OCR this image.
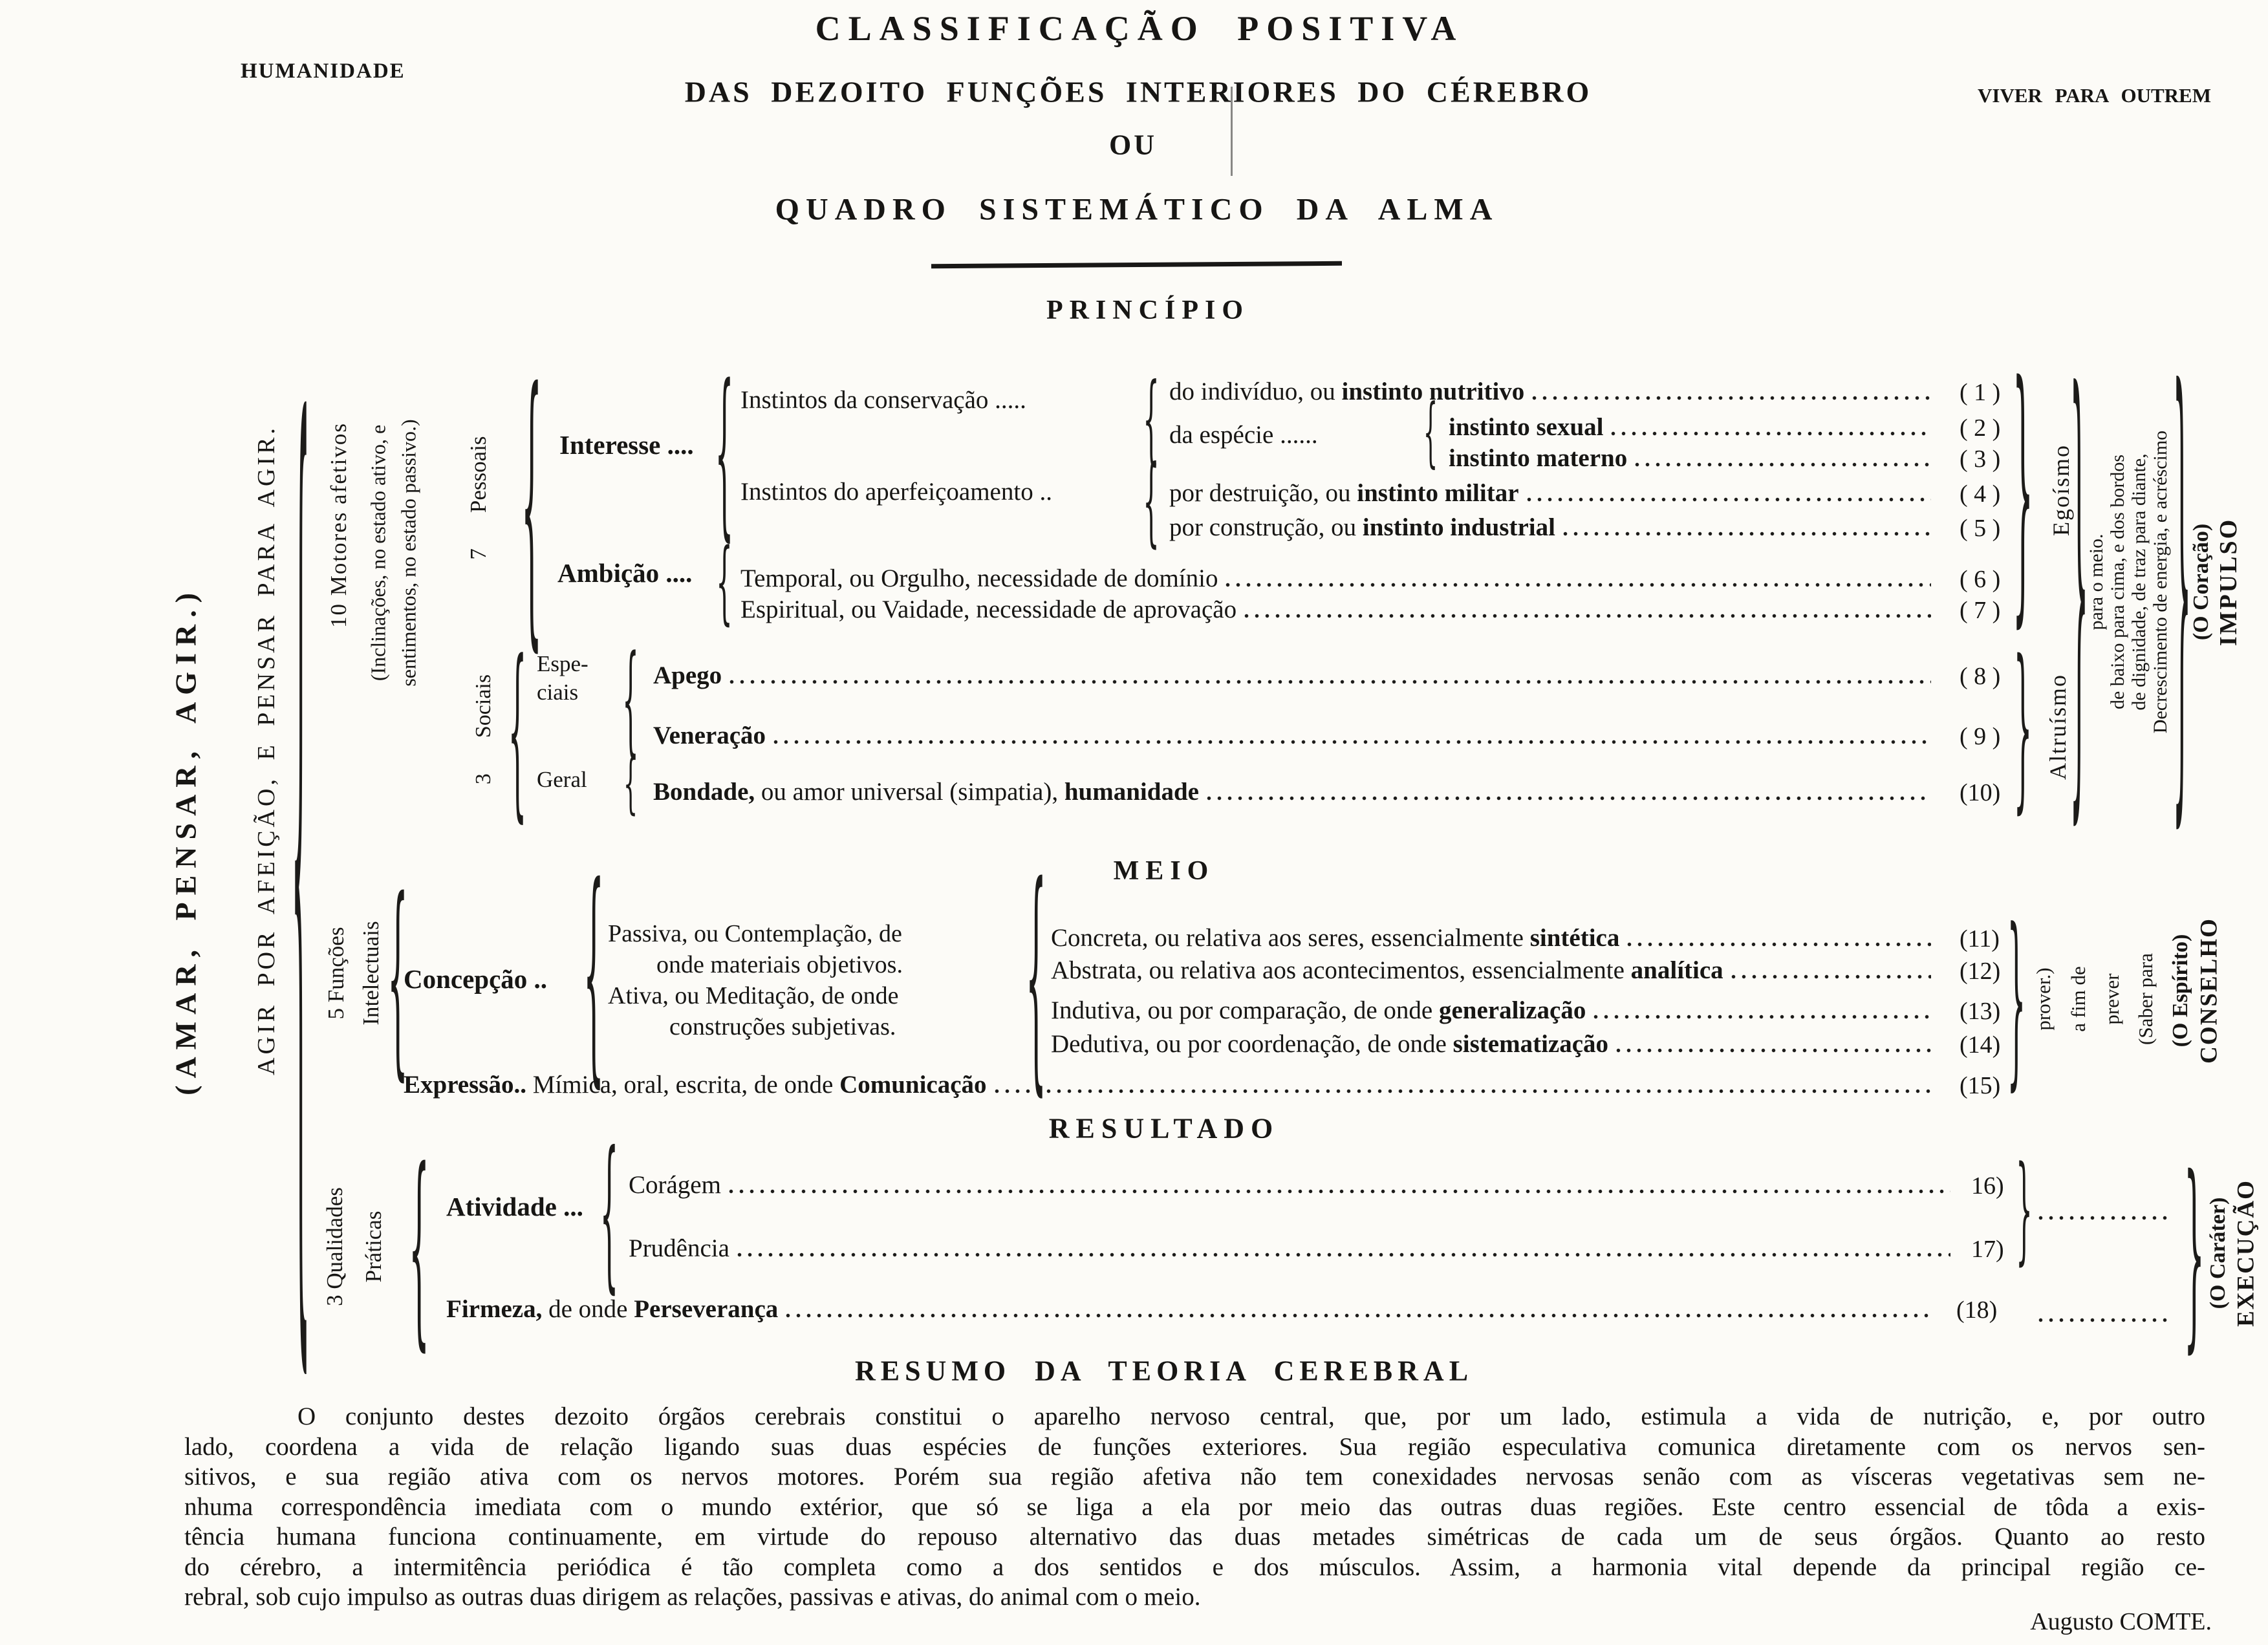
HUMANIDADE
CLASSIFICAÇÃO POSITIVA
DAS DEZOITO FUNÇÕES INTERIORES DO CÉREBRO	VIVER PARA OUTREM
OU
QUADRO SISTEMÁTICO DA ALMA
PRINCÍPIO
(AMAR, PENSAR, AGIR.) AGIR POR AFEIÇÃO, E PENSAR PARA AGIR. { 10 Motores afetivos (Inclinações, no estado ativo, e sentimentos, no estado passivo.) 7Pessoais {	Interesse ....
{
Instintos da conservação ..... {	do indivíduo, ou instinto nutritivo	( 1 )
da espécie ...... {	instinto sexual	( 2 )
instinto materno	( 3 )
Instintos do aperfeiçoamento .. {	por destruição, ou instinto militar	( 4 )
por construção, ou instinto industrial	( 5 )
Ambição .... { Temporal, ou Orgulho, necessidade de domínio	( 6 )
Espiritual, ou Vaidade, necessidade de aprovação	( 7 )
3Sociais
{
Espe-
ciais
{
Apego	( 8 )
Veneração	( 9 )
Geral {	Bondade, ou amor universal (simpatia), humanidade	(10)
}
Egoísmo
}
Altruísmo
}
para o meio. de baixo para cima, e dos bordos de dignidade, de traz para diante, Decrescimento de energia, e acréscimo } (O Coração) IMPULSO
MEIO
5 Funções Intelectuais { Concepção ..
{
Passiva, ou Contemplação, de
onde materiais objetivos.
Ativa, ou Meditação, de onde
construções subjetivas.
{
Concreta, ou relativa aos seres, essencialmente sintética	(11)
Abstrata, ou relativa aos acontecimentos, essencialmente analítica	(12)
Indutiva, ou por comparação, de onde generalização	(13)
Dedutiva, ou por coordenação, de onde sistematização	(14)
Expressão.. Mímica, oral, escrita, de onde Comunicação	(15)
}
prover.) a fim de prever (Saber para (O Espírito) CONSELHO
RESULTADO
3 Qualidades Práticas
{
Atividade ...
{
Corágem	16)
Prudência	17)
}
Firmeza, de onde Perseverança	(18)
}
(O Caráter) EXECUÇÃO
RESUMO DA TEORIA CEREBRAL
O conjunto destes dezoito órgãos cerebrais constitui o aparelho nervoso central, que, por um lado, estimula a vida de nutrição, e, por outro
lado, coordena a vida de relação ligando suas duas espécies de funções exteriores. Sua região especulativa comunica diretamente com os nervos sen-
sitivos, e sua região ativa com os nervos motores. Porém sua região afetiva não tem conexidades nervosas senão com as vísceras vegetativas sem ne-
nhuma correspondência imediata com o mundo extérior, que só se liga a ela por meio das outras duas regiões. Este centro essencial de tôda a exis-
tência humana funciona continuamente, em virtude do repouso alternativo das duas metades simétricas de cada um de seus órgãos. Quanto ao resto
do cérebro, a intermitência periódica é tão completa como a dos sentidos e dos músculos. Assim, a harmonia vital depende da principal região ce-
rebral, sob cujo impulso as outras duas dirigem as relações, passivas e ativas, do animal com o meio.
Augusto COMTE.
